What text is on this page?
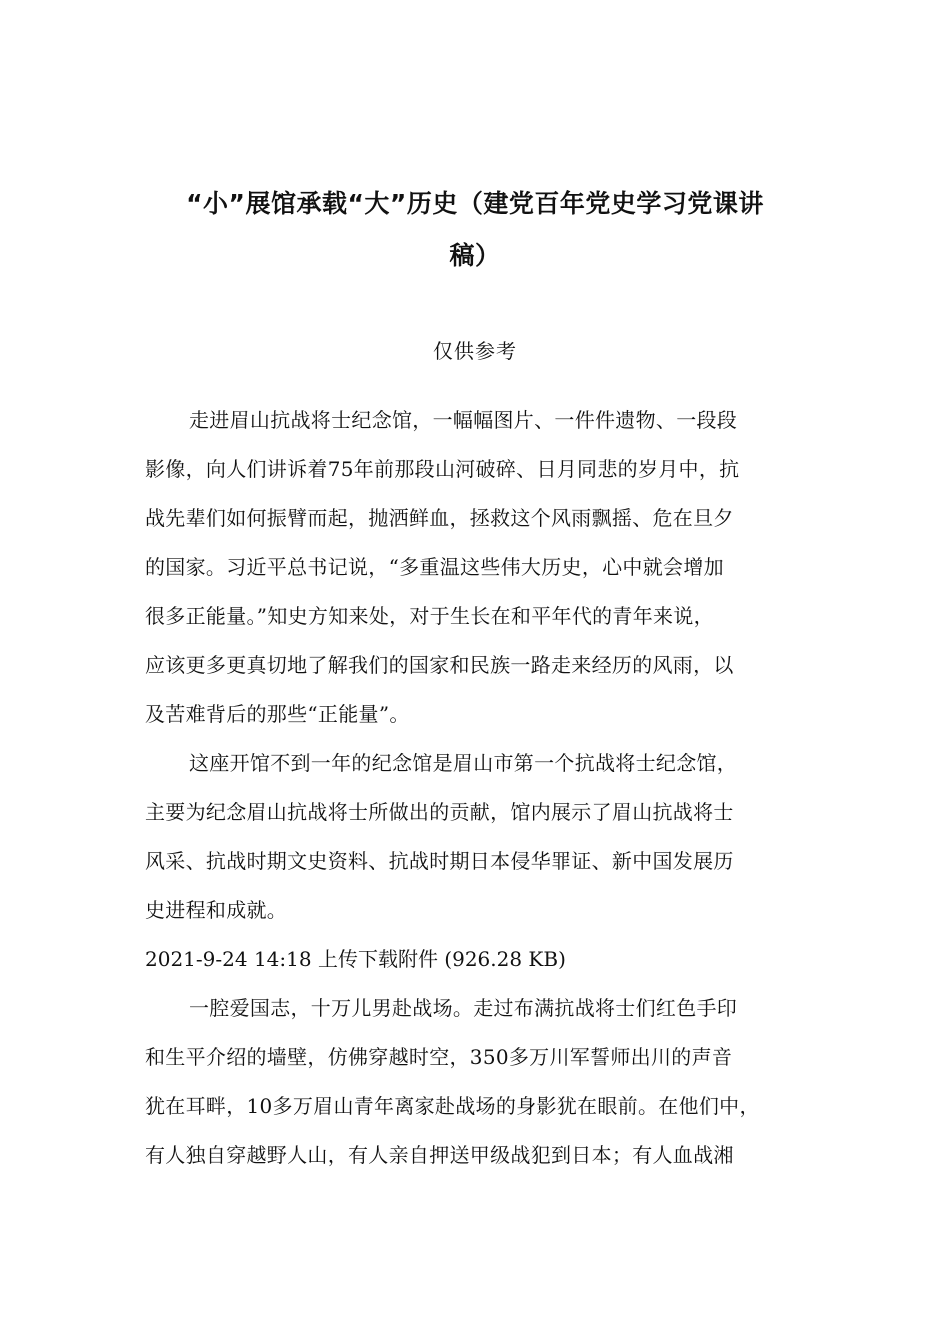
“小”展馆承载“大”历史（建党百年党史学习党课讲
稿）
仅供参考
走进眉山抗战将士纪念馆，一幅幅图片、一件件遗物、一段段
影像，向人们讲诉着75年前那段山河破碎、日月同悲的岁月中，抗
战先辈们如何振臂而起，抛洒鲜血，拯救这个风雨飘摇、危在旦夕
的国家。习近平总书记说，“多重温这些伟大历史，心中就会增加
很多正能量。”知史方知来处，对于生长在和平年代的青年来说，
应该更多更真切地了解我们的国家和民族一路走来经历的风雨，以
及苦难背后的那些“正能量”。
这座开馆不到一年的纪念馆是眉山市第一个抗战将士纪念馆，
主要为纪念眉山抗战将士所做出的贡献，馆内展示了眉山抗战将士
风采、抗战时期文史资料、抗战时期日本侵华罪证、新中国发展历
史进程和成就。
2021-9-24 14:18 上传下载附件 (926.28 KB)
一腔爱国志，十万儿男赴战场。走过布满抗战将士们红色手印
和生平介绍的墙壁，仿佛穿越时空，350多万川军誓师出川的声音
犹在耳畔，10多万眉山青年离家赴战场的身影犹在眼前。在他们中，
有人独自穿越野人山，有人亲自押送甲级战犯到日本；有人血战湘
